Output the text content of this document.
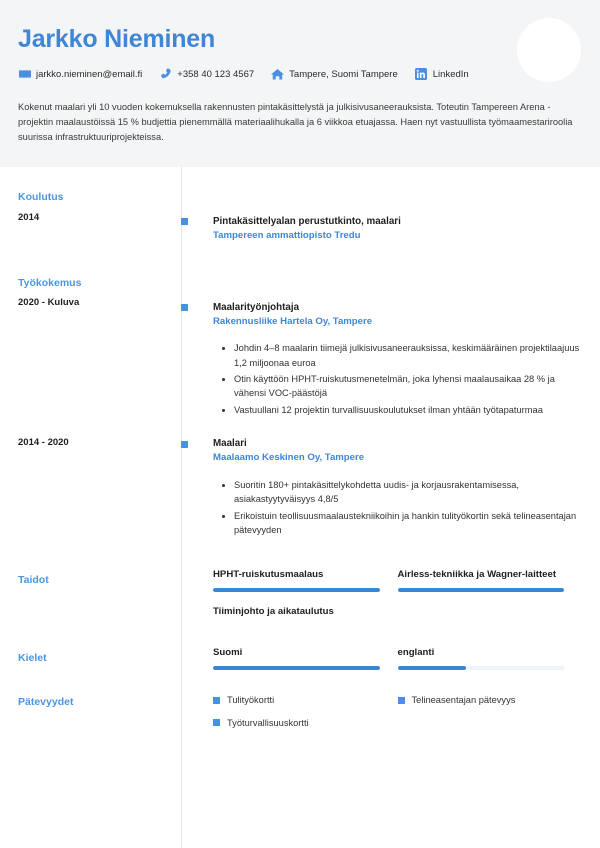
Jarkko Nieminen
jarkko.nieminen@email.fi	+358 40 123 4567	Tampere, Suomi Tampere	LinkedIn
Kokenut maalari yli 10 vuoden kokemuksella rakennusten pintakäsittelystä ja julkisivusaneerauksista. Toteutin Tampereen Arena -projektin maalaustöissä 15 % budjettia pienemmällä materiaalihukalla ja 6 viikkoa etuajassa. Haen nyt vastuullista työmaamestariroolia suurissa infrastruktuuriprojekteissa.
Koulutus
2014	Pintakäsittelyalan perustutkinto, maalari
Tampereen ammattiopisto Tredu
Työkokemus
2020 - Kuluva	Maalarityönjohtaja
Rakennusliike Hartela Oy, Tampere
Johdin 4–8 maalarin tiimejä julkisivusaneerauksissa, keskimääräinen projektilaajuus 1,2 miljoonaa euroa
Otin käyttöön HPHT-ruiskutusmenetelmän, joka lyhensi maalausaikaa 28 % ja vähensi VOC-päästöjä
Vastuullani 12 projektin turvallisuuskoulutukset ilman yhtään työtapaturmaa
2014 - 2020	Maalari
Maalaamo Keskinen Oy, Tampere
Suoritin 180+ pintakäsittelykohdetta uudis- ja korjausrakentamisessa, asiakastyytyväisyys 4,8/5
Erikoistuin teollisuusmaalaustekniikoihin ja hankin tulityökortin sekä telineasentajan pätevyyden
Taidot	HPHT-ruiskutusmaalaus	Airless-tekniikka ja Wagner-laitteet
Tiiminjohto ja aikataulutus
Kielet	Suomi	englanti
Pätevyydet	Tulityökortti	Telineasentajan pätevyys
Työturvallisuuskortti
